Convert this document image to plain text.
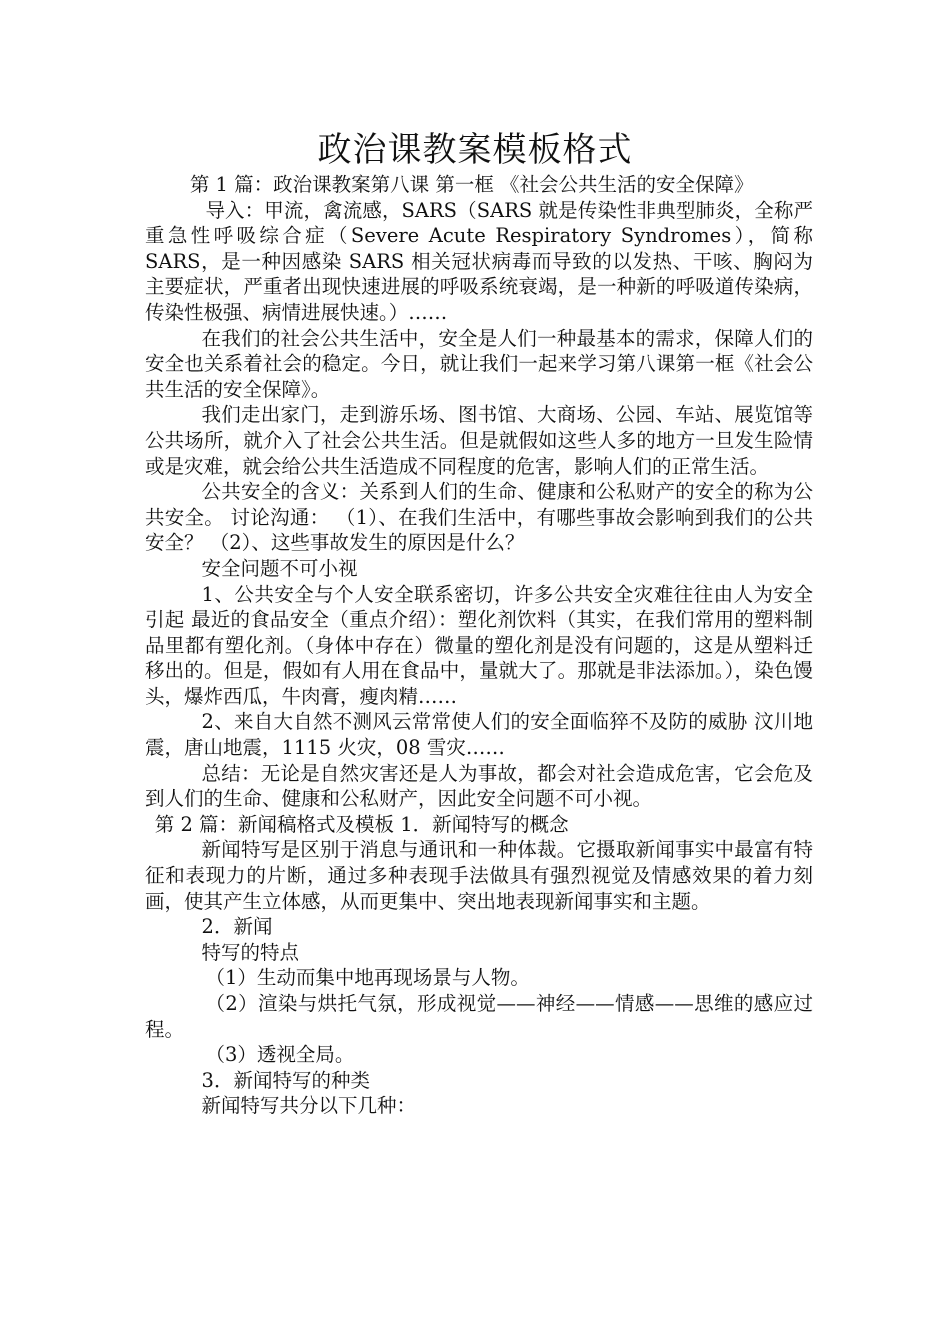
政治课教案模板格式

第 1 篇：政治课教案第八课 第一框 《社会公共生活的安全保障》

导入：甲流，禽流感，SARS（SARS 就是传染性非典型肺炎，全称严重急性呼吸综合症（Severe Acute Respiratory Syndromes），简称 SARS，是一种因感染 SARS 相关冠状病毒而导致的以发热、干咳、胸闷为主要症状，严重者出现快速进展的呼吸系统衰竭，是一种新的呼吸道传染病，传染性极强、病情进展快速。）……

在我们的社会公共生活中，安全是人们一种最基本的需求，保障人们的安全也关系着社会的稳定。今日，就让我们一起来学习第八课第一框《社会公共生活的安全保障》。

我们走出家门，走到游乐场、图书馆、大商场、公园、车站、展览馆等公共场所，就介入了社会公共生活。但是就假如这些人多的地方一旦发生险情或是灾难，就会给公共生活造成不同程度的危害，影响人们的正常生活。

公共安全的含义：关系到人们的生命、健康和公私财产的安全的称为公共安全。 讨论沟通： （1）、在我们生活中，有哪些事故会影响到我们的公共安全？ （2）、这些事故发生的原因是什么？

安全问题不可小视

1、公共安全与个人安全联系密切，许多公共安全灾难往往由人为安全引起 最近的食品安全（重点介绍）：塑化剂饮料（其实，在我们常用的塑料制品里都有塑化剂。（身体中存在）微量的塑化剂是没有问题的，这是从塑料迁移出的。但是，假如有人用在食品中，量就大了。那就是非法添加。），染色馒头，爆炸西瓜，牛肉膏，瘦肉精……

2、来自大自然不测风云常常使人们的安全面临猝不及防的威胁 汶川地震，唐山地震，1115 火灾，08 雪灾……

总结：无论是自然灾害还是人为事故，都会对社会造成危害，它会危及到人们的生命、健康和公私财产，因此安全问题不可小视。

第 2 篇：新闻稿格式及模板 1．新闻特写的概念

新闻特写是区别于消息与通讯和一种体裁。它摄取新闻事实中最富有特征和表现力的片断，通过多种表现手法做具有强烈视觉及情感效果的着力刻画，使其产生立体感，从而更集中、突出地表现新闻事实和主题。

2．新闻

特写的特点

（1）生动而集中地再现场景与人物。

（2）渲染与烘托气氛，形成视觉——神经——情感——思维的感应过程。

（3）透视全局。

3．新闻特写的种类

新闻特写共分以下几种：
